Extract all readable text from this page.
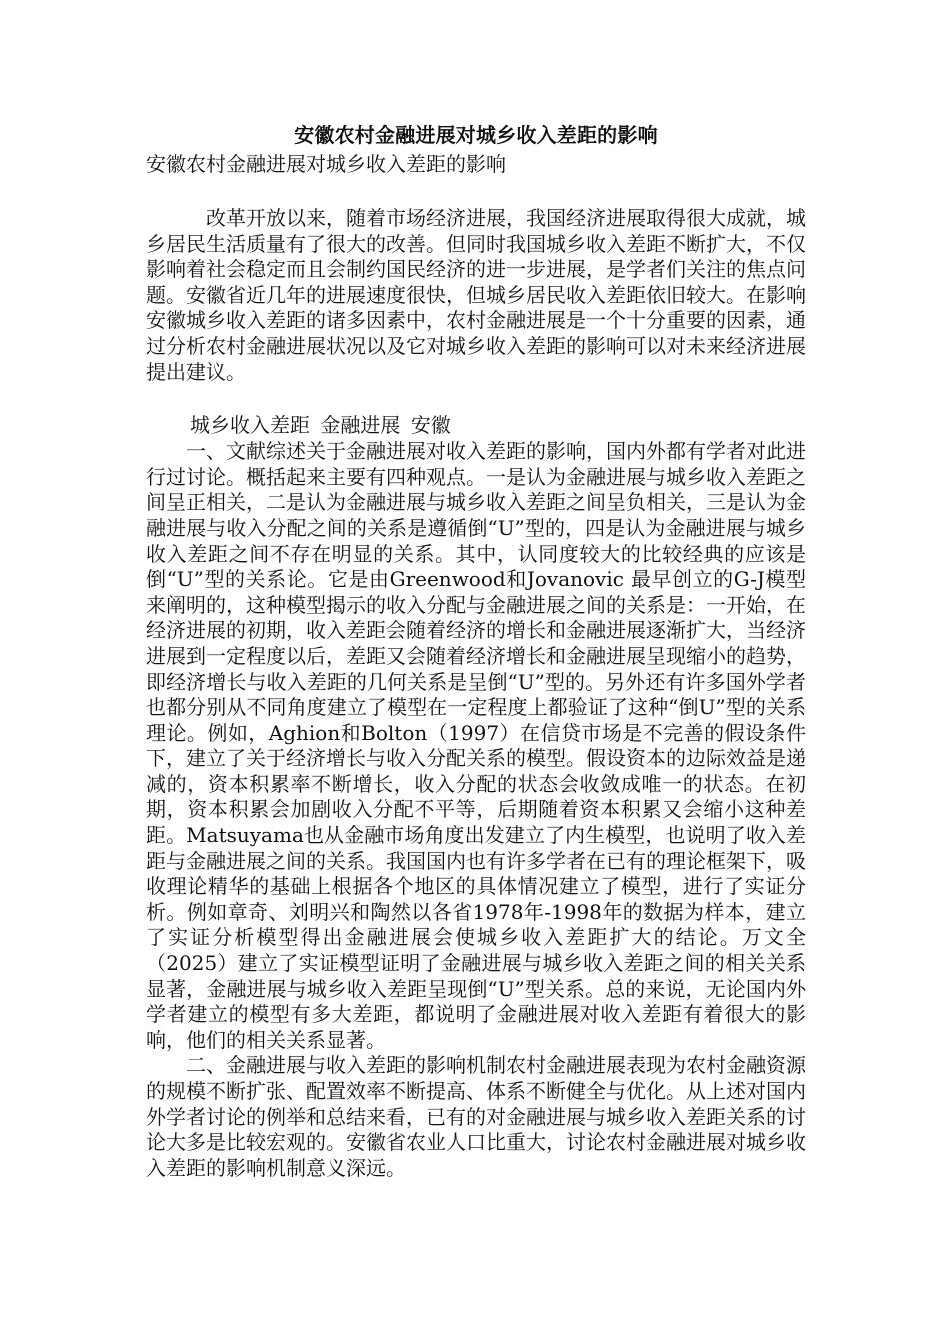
安徽农村金融进展对城乡收入差距的影响

安徽农村金融进展对城乡收入差距的影响

改革开放以来，随着市场经济进展，我国经济进展取得很大成就，城乡居民生活质量有了很大的改善。但同时我国城乡收入差距不断扩大，不仅影响着社会稳定而且会制约国民经济的进一步进展，是学者们关注的焦点问题。安徽省近几年的进展速度很快，但城乡居民收入差距依旧较大。在影响安徽城乡收入差距的诸多因素中，农村金融进展是一个十分重要的因素，通过分析农村金融进展状况以及它对城乡收入差距的影响可以对未来经济进展提出建议。

城乡收入差距 金融进展 安徽

一、文献综述关于金融进展对收入差距的影响，国内外都有学者对此进行过讨论。概括起来主要有四种观点。一是认为金融进展与城乡收入差距之间呈正相关，二是认为金融进展与城乡收入差距之间呈负相关，三是认为金融进展与收入分配之间的关系是遵循倒“U”型的，四是认为金融进展与城乡收入差距之间不存在明显的关系。其中，认同度较大的比较经典的应该是倒“U”型的关系论。它是由Greenwood和Jovanovic 最早创立的G-J模型来阐明的，这种模型揭示的收入分配与金融进展之间的关系是：一开始，在经济进展的初期，收入差距会随着经济的增长和金融进展逐渐扩大，当经济进展到一定程度以后，差距又会随着经济增长和金融进展呈现缩小的趋势，即经济增长与收入差距的几何关系是呈倒“U”型的。另外还有许多国外学者也都分别从不同角度建立了模型在一定程度上都验证了这种“倒U”型的关系理论。例如，Aghion和Bolton（1997）在信贷市场是不完善的假设条件下，建立了关于经济增长与收入分配关系的模型。假设资本的边际效益是递减的，资本积累率不断增长，收入分配的状态会收敛成唯一的状态。在初期，资本积累会加剧收入分配不平等，后期随着资本积累又会缩小这种差距。Matsuyama也从金融市场角度出发建立了内生模型，也说明了收入差距与金融进展之间的关系。我国国内也有许多学者在已有的理论框架下，吸收理论精华的基础上根据各个地区的具体情况建立了模型，进行了实证分析。例如章奇、刘明兴和陶然以各省1978年-1998年的数据为样本，建立了实证分析模型得出金融进展会使城乡收入差距扩大的结论。万文全（2025）建立了实证模型证明了金融进展与城乡收入差距之间的相关关系显著，金融进展与城乡收入差距呈现倒“U”型关系。总的来说，无论国内外学者建立的模型有多大差距，都说明了金融进展对收入差距有着很大的影响，他们的相关关系显著。

二、金融进展与收入差距的影响机制农村金融进展表现为农村金融资源的规模不断扩张、配置效率不断提高、体系不断健全与优化。从上述对国内外学者讨论的例举和总结来看，已有的对金融进展与城乡收入差距关系的讨论大多是比较宏观的。安徽省农业人口比重大，讨论农村金融进展对城乡收入差距的影响机制意义深远。
